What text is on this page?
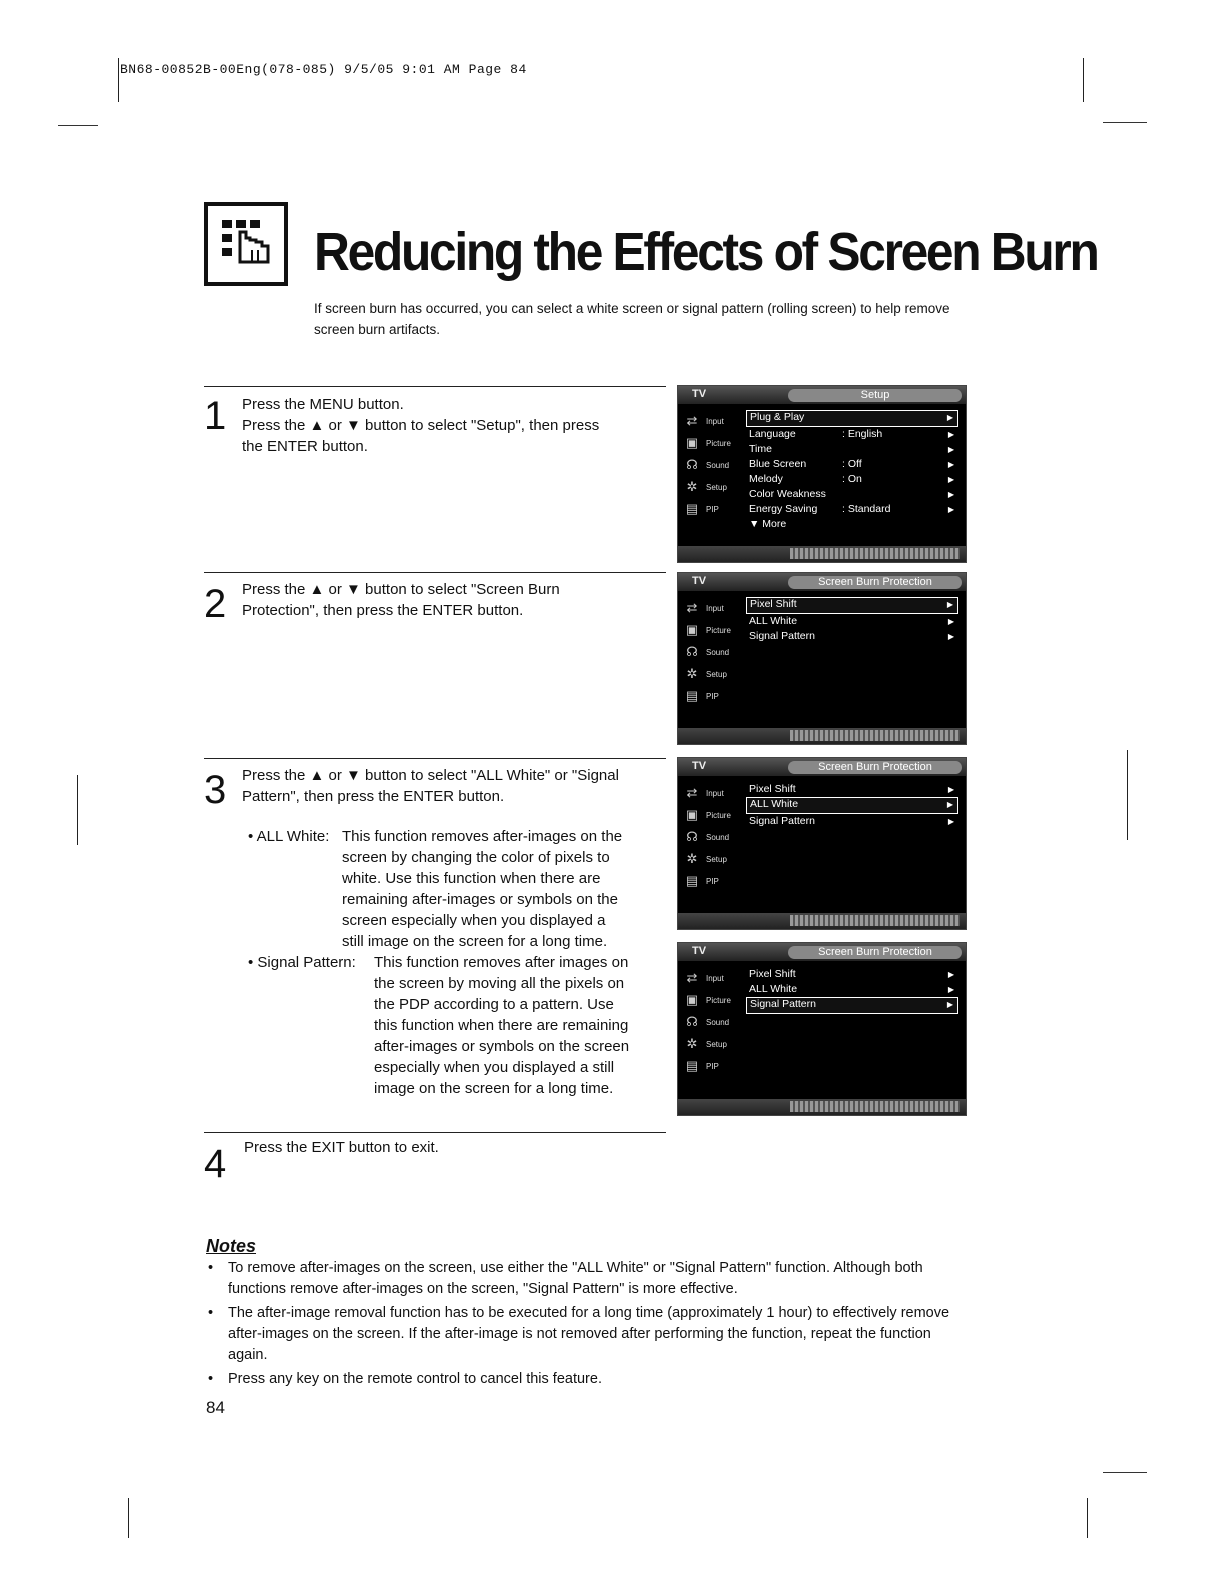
BN68-00852B-00Eng(078-085) 9/5/05 9:01 AM Page 84
Reducing the Effects of Screen Burn
If screen burn has occurred, you can select a white screen or signal pattern (rolling screen) to help remove screen burn artifacts.
1 Press the MENU button.
Press the ▲ or ▼ button to select "Setup", then press
the ENTER button.
2 Press the ▲ or ▼ button to select "Screen Burn
Protection", then press the ENTER button.
3 Press the ▲ or ▼ button to select "ALL White" or "Signal
Pattern", then press the ENTER button.
• ALL White: This function removes after-images on the
screen by changing the color of pixels to
white. Use this function when there are
remaining after-images or symbols on the
screen especially when you displayed a
still image on the screen for a long time.
• Signal Pattern: This function removes after images on
the screen by moving all the pixels on
the PDP according to a pattern. Use
this function when there are remaining
after-images or symbols on the screen
especially when you displayed a still
image on the screen for a long time.
4 Press the EXIT button to exit.
TV	Setup
⇄	Input
▣ Picture
☊	Sound
✲	Setup
▤ PIP
Plug & Play	▶
Language	: English	▶
Time	▶
Blue Screen	: Off	▶
Melody	: On	▶
Color Weakness	▶
Energy Saving : Standard	▶
▼ More
TV	Screen Burn Protection
⇄	Input
▣ Picture
☊	Sound
✲	Setup
▤ PIP
Pixel Shift	▶
ALL White	▶
Signal Pattern	▶
TV	Screen Burn Protection
⇄	Input
▣ Picture
☊	Sound
✲	Setup
▤ PIP
Pixel Shift	▶
ALL White	▶
Signal Pattern	▶
TV	Screen Burn Protection
⇄	Input
▣ Picture
☊	Sound
✲	Setup
▤ PIP
Pixel Shift	▶
ALL White	▶
Signal Pattern	▶
Notes
• To remove after-images on the screen, use either the "ALL White" or "Signal Pattern" function. Although both functions remove after-images on the screen, "Signal Pattern" is more effective.
• The after-image removal function has to be executed for a long time (approximately 1 hour) to effectively remove after-images on the screen. If the after-image is not removed after performing the function, repeat the function again.
• Press any key on the remote control to cancel this feature.
84
